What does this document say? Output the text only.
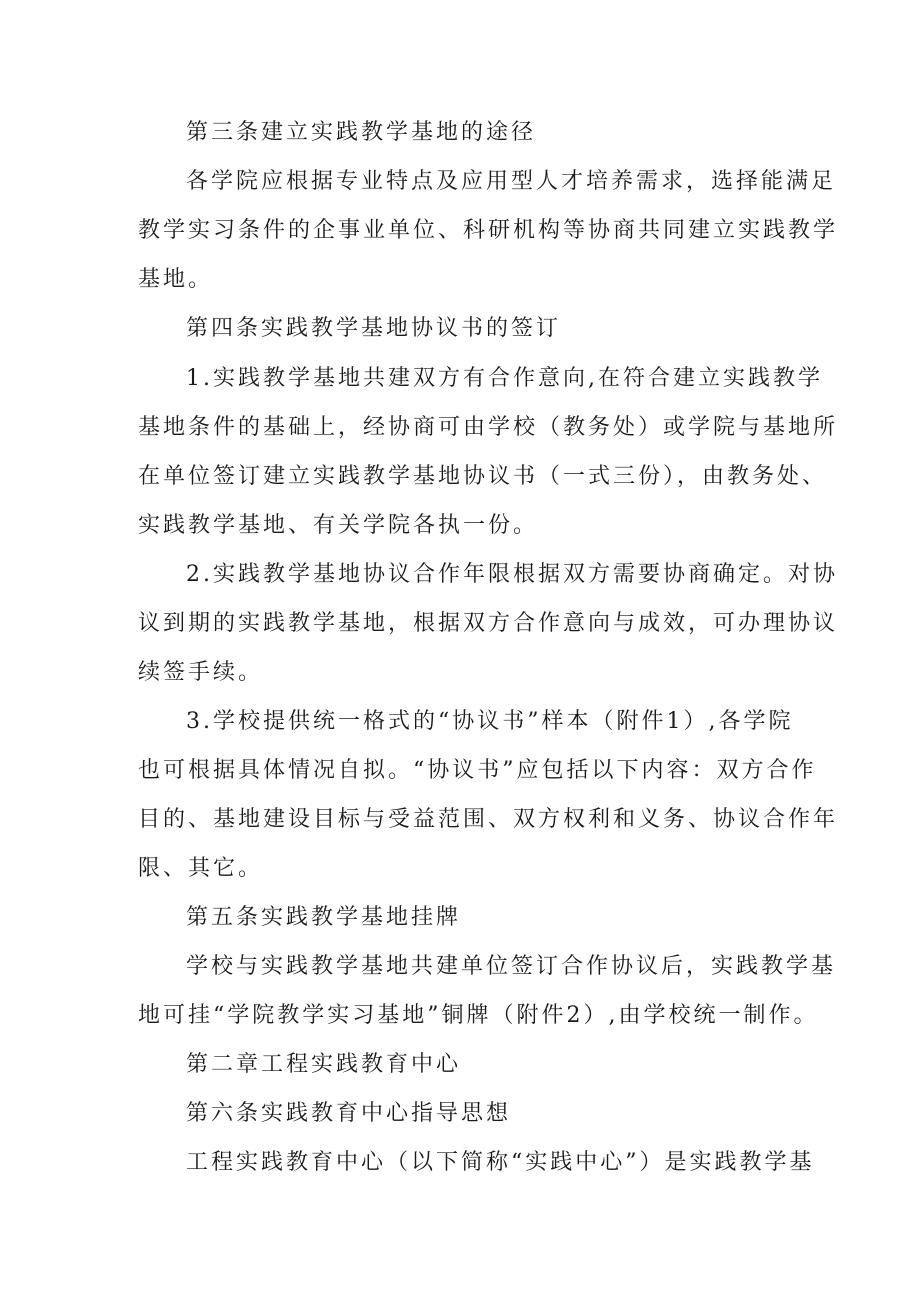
第三条建立实践教学基地的途径
各学院应根据专业特点及应用型人才培养需求，选择能满足
教学实习条件的企事业单位、科研机构等协商共同建立实践教学
基地。
第四条实践教学基地协议书的签订
1.实践教学基地共建双方有合作意向,在符合建立实践教学
基地条件的基础上，经协商可由学校（教务处）或学院与基地所
在单位签订建立实践教学基地协议书（一式三份），由教务处、
实践教学基地、有关学院各执一份。
2.实践教学基地协议合作年限根据双方需要协商确定。对协
议到期的实践教学基地，根据双方合作意向与成效，可办理协议
续签手续。
3.学校提供统一格式的“协议书”样本（附件1）,各学院
也可根据具体情况自拟。“协议书”应包括以下内容：双方合作
目的、基地建设目标与受益范围、双方权利和义务、协议合作年
限、其它。
第五条实践教学基地挂牌
学校与实践教学基地共建单位签订合作协议后，实践教学基
地可挂“学院教学实习基地”铜牌（附件2）,由学校统一制作。
第二章工程实践教育中心
第六条实践教育中心指导思想
工程实践教育中心（以下简称“实践中心”）是实践教学基
